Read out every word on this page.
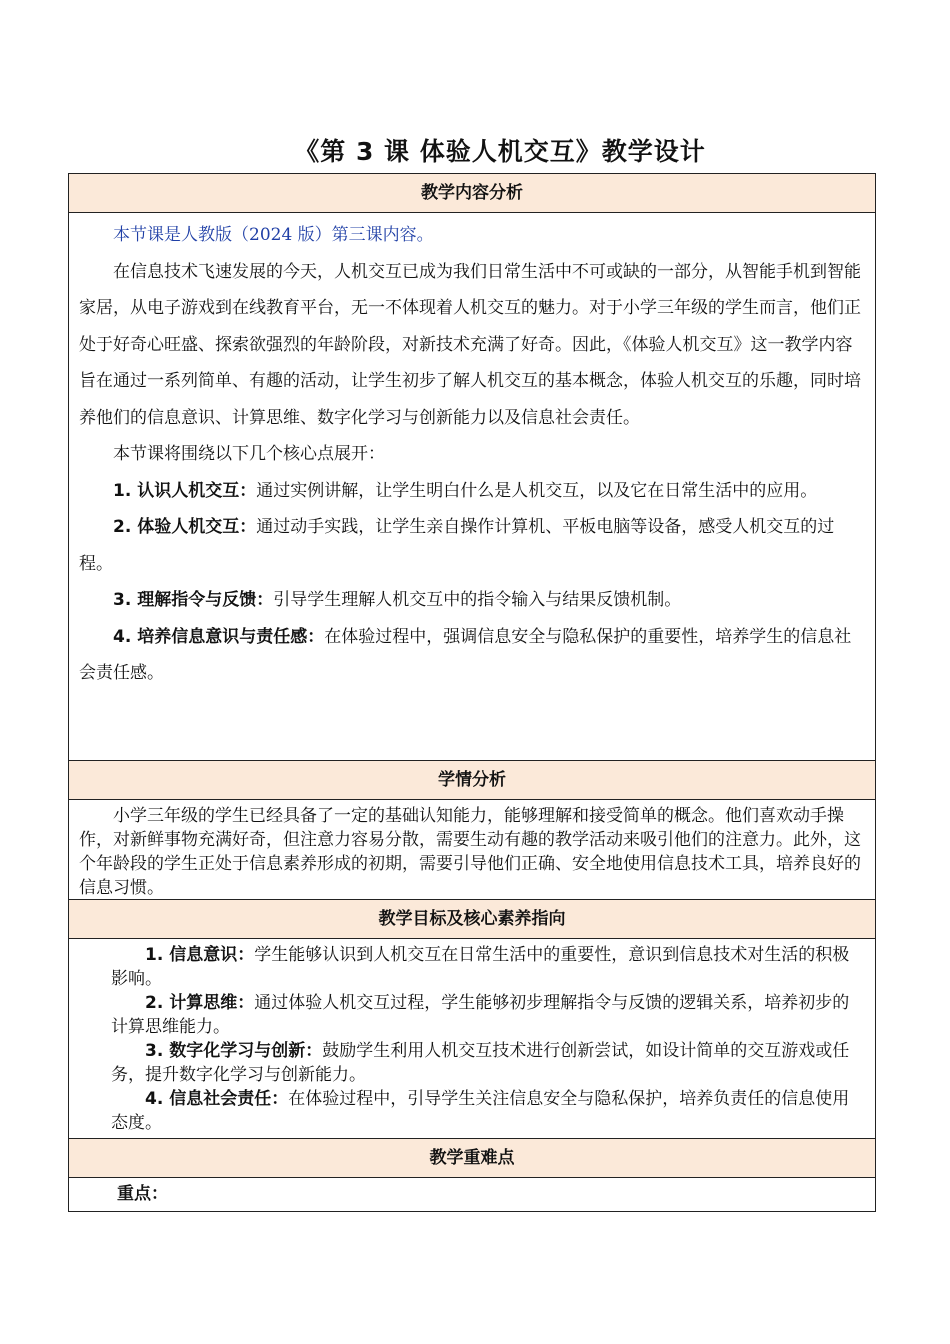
《第 3 课 体验人机交互》教学设计
教学内容分析

本节课是人教版（2024 版）第三课内容。

在信息技术飞速发展的今天，人机交互已成为我们日常生活中不可或缺的一部分，从智能手机到智能家居，从电子游戏到在线教育平台，无一不体现着人机交互的魅力。对于小学三年级的学生而言，他们正处于好奇心旺盛、探索欲强烈的年龄阶段，对新技术充满了好奇。因此，《体验人机交互》这一教学内容旨在通过一系列简单、有趣的活动，让学生初步了解人机交互的基本概念，体验人机交互的乐趣，同时培养他们的信息意识、计算思维、数字化学习与创新能力以及信息社会责任。

本节课将围绕以下几个核心点展开：

1. 认识人机交互：通过实例讲解，让学生明白什么是人机交互，以及它在日常生活中的应用。

2. 体验人机交互：通过动手实践，让学生亲自操作计算机、平板电脑等设备，感受人机交互的过程。

3. 理解指令与反馈：引导学生理解人机交互中的指令输入与结果反馈机制。

4. 培养信息意识与责任感：在体验过程中，强调信息安全与隐私保护的重要性，培养学生的信息社会责任感。

学情分析

小学三年级的学生已经具备了一定的基础认知能力，能够理解和接受简单的概念。他们喜欢动手操作，对新鲜事物充满好奇，但注意力容易分散，需要生动有趣的教学活动来吸引他们的注意力。此外，这个年龄段的学生正处于信息素养形成的初期，需要引导他们正确、安全地使用信息技术工具，培养良好的信息习惯。

教学目标及核心素养指向

1. 信息意识：学生能够认识到人机交互在日常生活中的重要性，意识到信息技术对生活的积极影响。

2. 计算思维：通过体验人机交互过程，学生能够初步理解指令与反馈的逻辑关系，培养初步的计算思维能力。

3. 数字化学习与创新：鼓励学生利用人机交互技术进行创新尝试，如设计简单的交互游戏或任务，提升数字化学习与创新能力。

4. 信息社会责任：在体验过程中，引导学生关注信息安全与隐私保护，培养负责任的信息使用态度。

教学重难点

重点：
